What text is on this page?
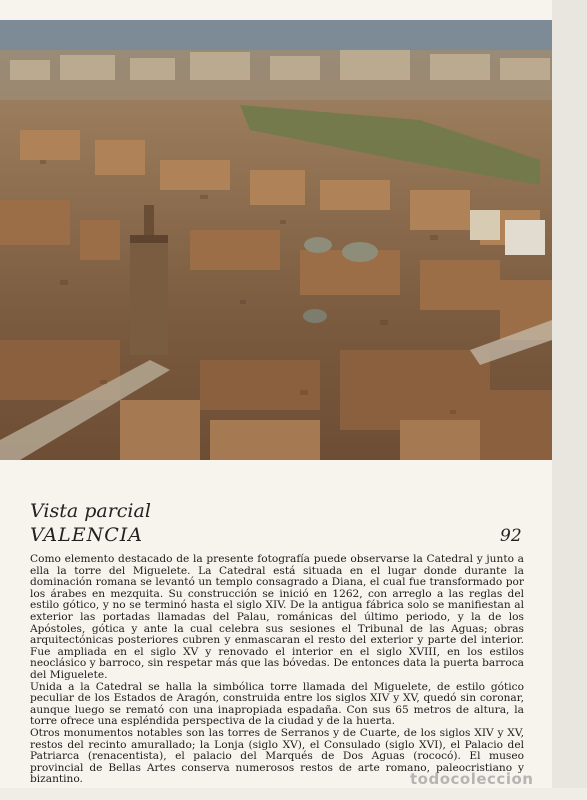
Vista parcial
VALENCIA	92

Como elemento destacado de la presente fotografía puede observarse la Catedral y junto a ella la torre del Miguelete. La Catedral está situada en el lugar donde durante la dominación romana se levantó un templo consagrado a Diana, el cual fue transformado por los árabes en mezquita. Su construcción se inició en 1262, con arreglo a las reglas del estilo gótico, y no se terminó hasta el siglo XIV. De la antigua fábrica solo se manifiestan al exterior las portadas llamadas del Palau, románicas del último periodo, y la de los Apóstoles, gótica y ante la cual celebra sus sesiones el Tribunal de las Aguas; obras arquitectónicas posteriores cubren y enmascaran el resto del exterior y parte del interior. Fue ampliada en el siglo XV y renovado el interior en el siglo XVIII, en los estilos neoclásico y barroco, sin respetar más que las bóvedas. De entonces data la puerta barroca del Miguelete.

Unida a la Catedral se halla la simbólica torre llamada del Miguelete, de estilo gótico peculiar de los Estados de Aragón, construida entre los siglos XIV y XV, quedó sin coronar, aunque luego se remató con una inapropiada espadaña. Con sus 65 metros de altura, la torre ofrece una espléndida perspectiva de la ciudad y de la huerta.

Otros monumentos notables son las torres de Serranos y de Cuarte, de los siglos XIV y XV, restos del recinto amurallado; la Lonja (siglo XV), el Consulado (siglo XVI), el Palacio del Patriarca (renacentista), el palacio del Marqués de Dos Aguas (rococó). El museo provincial de Bellas Artes conserva numerosos restos de arte romano, paleocristiano y bizantino.	todocoleccion
